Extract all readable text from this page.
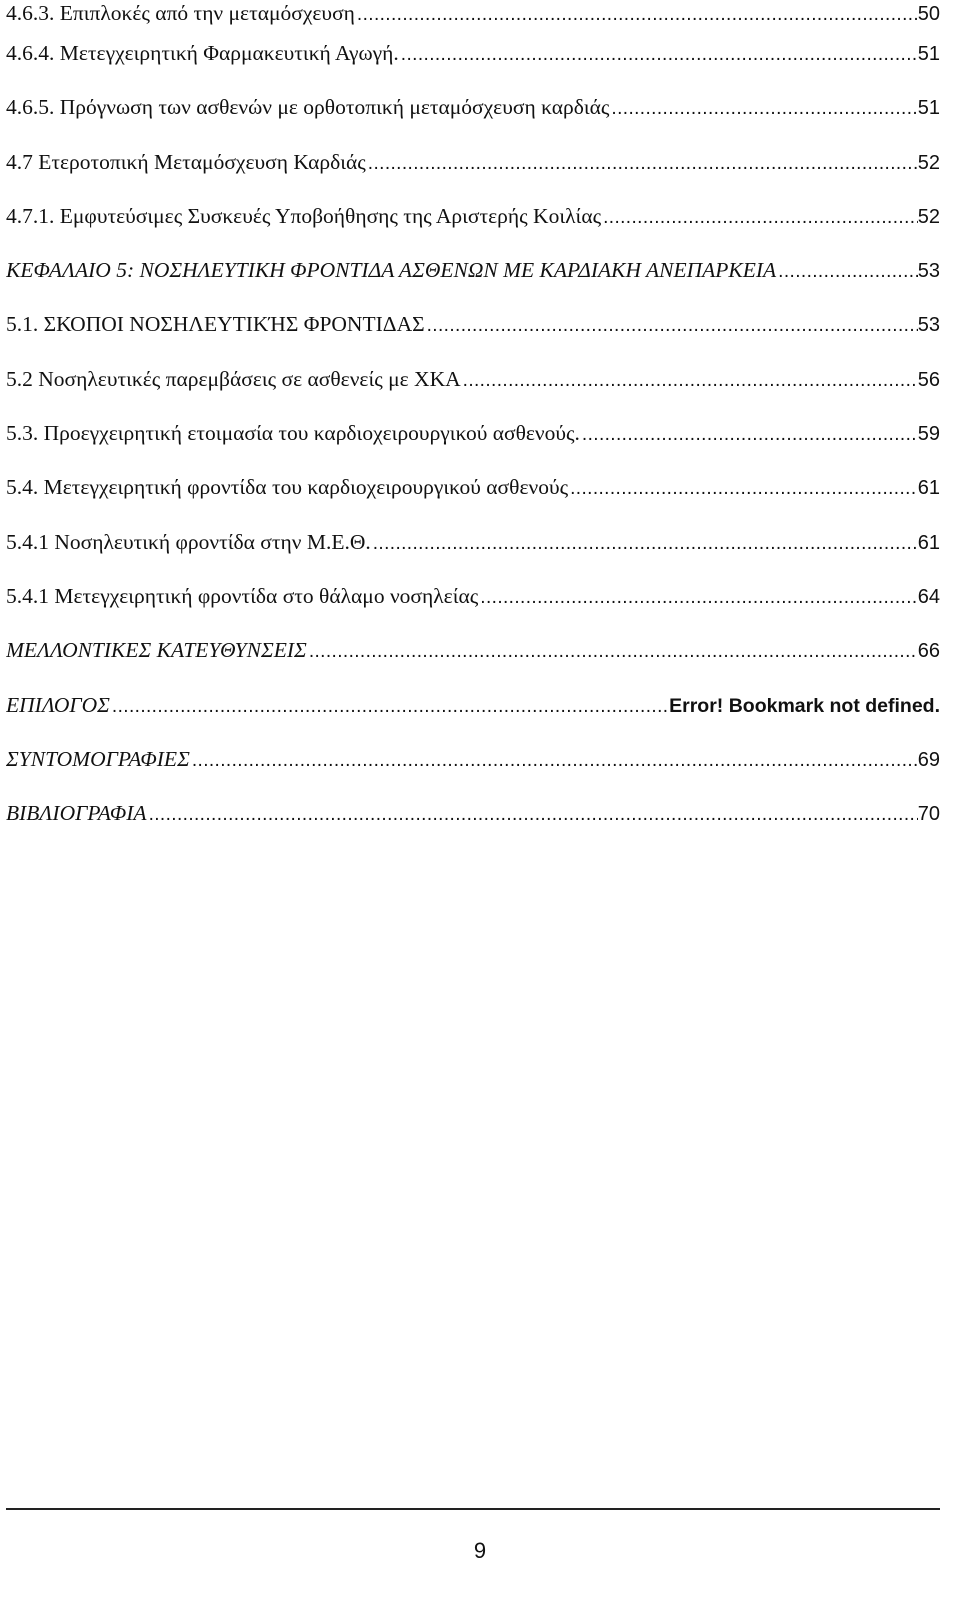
4.6.3. Επιπλοκές από την μεταμόσχευση .....	50
4.6.4. Μετεγχειρητική Φαρμακευτική Αγωγή. .....	51
4.6.5. Πρόγνωση των ασθενών με ορθοτοπική μεταμόσχευση καρδιάς .....	51
4.7 Ετεροτοπική Μεταμόσχευση Καρδιάς .....	52
4.7.1. Εμφυτεύσιμες Συσκευές Υποβοήθησης της Αριστερής Κοιλίας .....	52
ΚΕΦΑΛΑΙΟ 5: ΝΟΣΗΛΕΥΤΙΚΗ ΦΡΟΝΤΙΔΑ ΑΣΘΕΝΩΝ ΜΕ ΚΑΡΔΙΑΚΗ ΑΝΕΠΑΡΚΕΙΑ .....	53
5.1. ΣΚΟΠΟΙ ΝΟΣΗΛΕΥΤΙΚΉΣ ΦΡΟΝΤΙΔΑΣ .....	53
5.2 Νοσηλευτικές παρεμβάσεις σε ασθενείς με ΧΚΑ .....	56
5.3. Προεγχειρητική ετοιμασία του καρδιοχειρουργικού ασθενούς. .....	59
5.4. Μετεγχειρητική φροντίδα του καρδιοχειρουργικού ασθενούς .....	61
5.4.1 Νοσηλευτική φροντίδα στην Μ.Ε.Θ. .....	61
5.4.1 Μετεγχειρητική φροντίδα στο θάλαμο νοσηλείας .....	64
ΜΕΛΛΟΝΤΙΚΕΣ ΚΑΤΕΥΘΥΝΣΕΙΣ .....	66
ΕΠΙΛΟΓΟΣ .....	Error! Bookmark not defined.
ΣΥΝΤΟΜΟΓΡΑΦΙΕΣ .....	69
ΒΙΒΛΙΟΓΡΑΦΙΑ .....	70
9
